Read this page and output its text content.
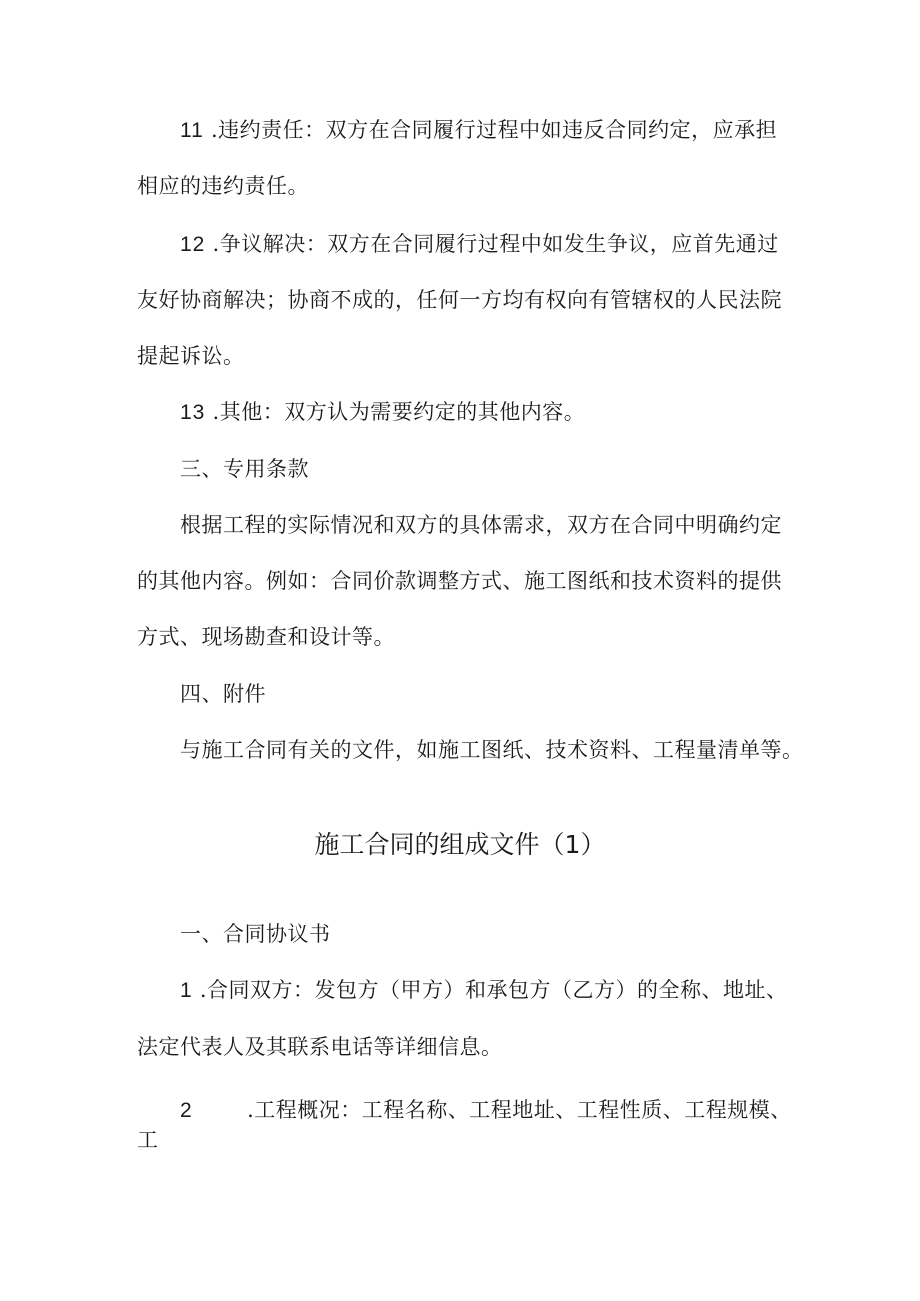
11 .违约责任：双方在合同履行过程中如违反合同约定，应承担
相应的违约责任。
12 .争议解决：双方在合同履行过程中如发生争议，应首先通过
友好协商解决；协商不成的，任何一方均有权向有管辖权的人民法院
提起诉讼。
13 .其他：双方认为需要约定的其他内容。
三、专用条款
根据工程的实际情况和双方的具体需求，双方在合同中明确约定
的其他内容。例如：合同价款调整方式、施工图纸和技术资料的提供
方式、现场勘查和设计等。
四、附件
与施工合同有关的文件，如施工图纸、技术资料、工程量清单等。
施工合同的组成文件（1）
一、合同协议书
1 .合同双方：发包方（甲方）和承包方（乙方）的全称、地址、
法定代表人及其联系电话等详细信息。
2	.工程概况：工程名称、工程地址、工程性质、工程规模、
工
